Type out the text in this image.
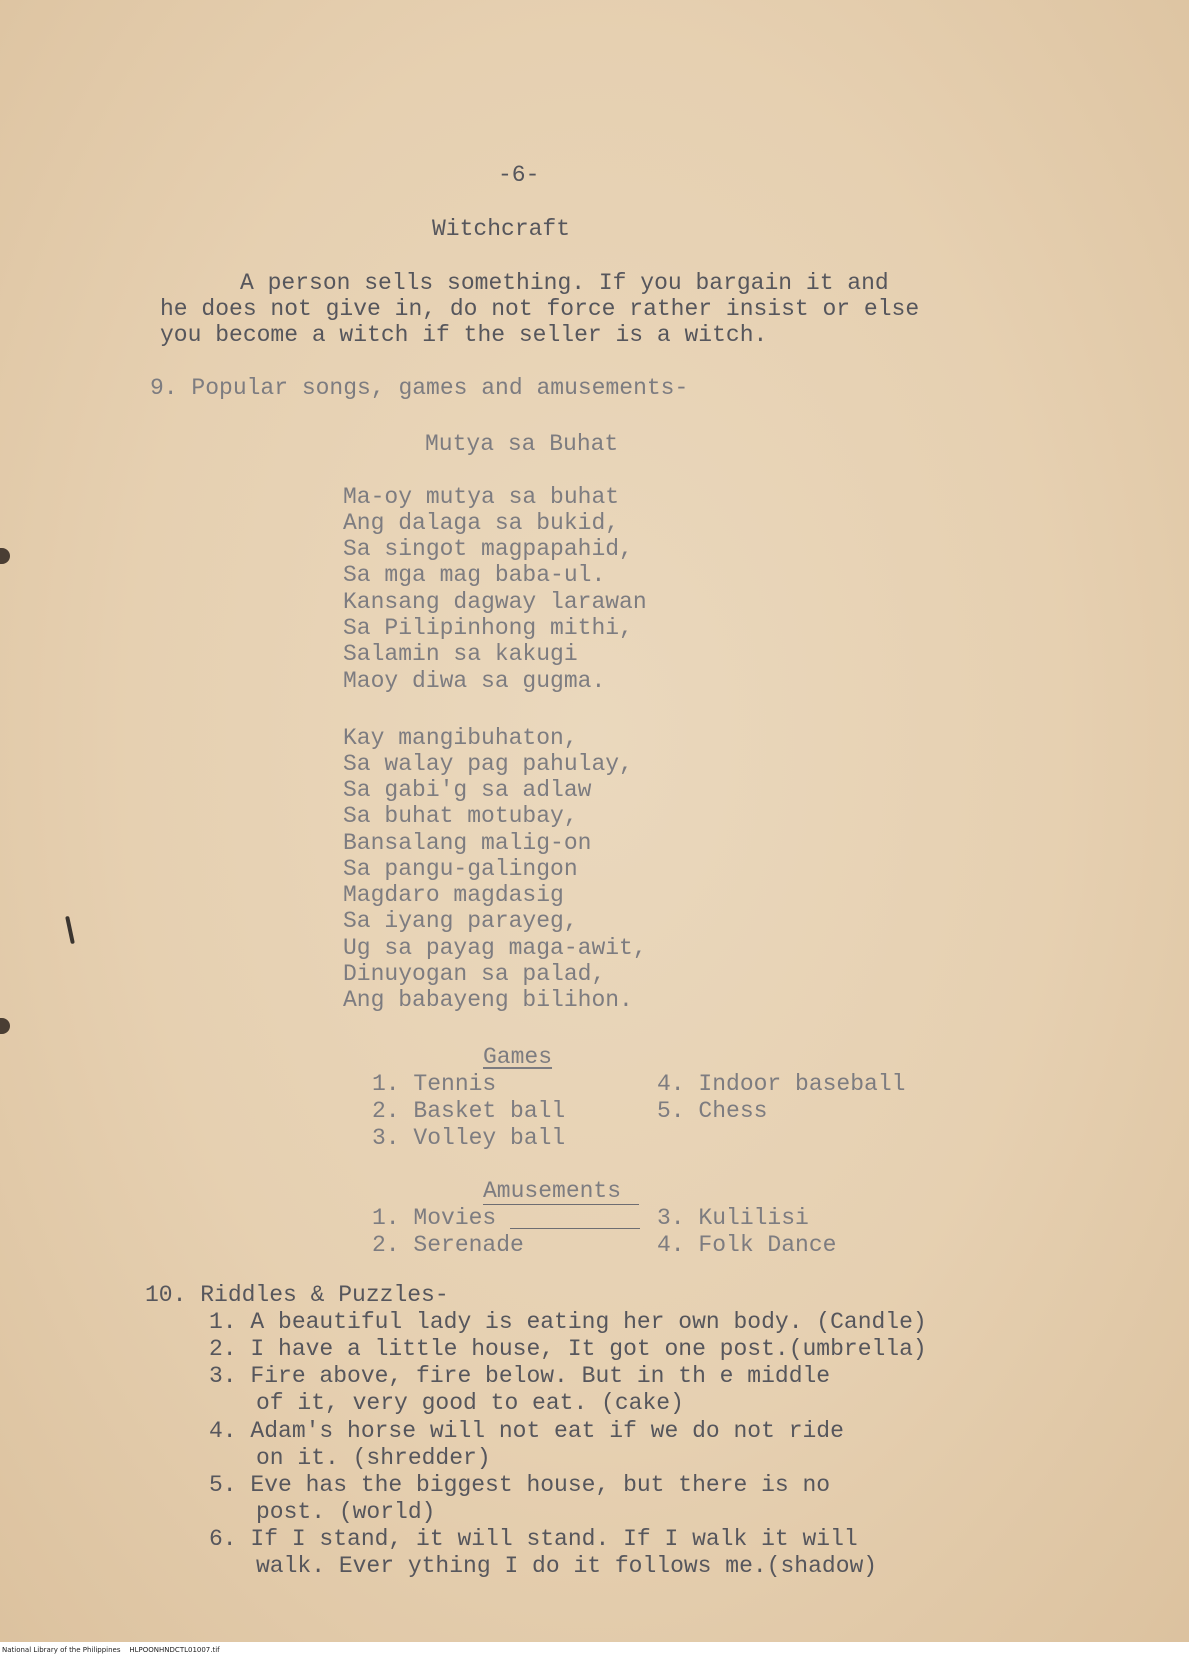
-6-
Witchcraft
A person sells something. If you bargain it and
he does not give in, do not force rather insist or else
you become a witch if the seller is a witch.
9. Popular songs, games and amusements-
Mutya sa Buhat
Ma-oy mutya sa buhat
Ang dalaga sa bukid,
Sa singot magpapahid,
Sa mga mag baba-ul.
Kansang dagway larawan
Sa Pilipinhong mithi,
Salamin sa kakugi
Maoy diwa sa gugma.
Kay mangibuhaton,
Sa walay pag pahulay,
Sa gabi'g sa adlaw
Sa buhat motubay,
Bansalang malig-on
Sa pangu-galingon
Magdaro magdasig
Sa iyang parayeg,
Ug sa payag maga-awit,
Dinuyogan sa palad,
Ang babayeng bilihon.
Games
1. Tennis
2. Basket ball
3. Volley ball
4. Indoor baseball
5. Chess
Amusements
1. Movies
2. Serenade
3. Kulilisi
4. Folk Dance
10. Riddles & Puzzles-
1. A beautiful lady is eating her own body. (Candle)
2. I have a little house, It got one post.(umbrella)
3. Fire above, fire below. But in th e middle
of it, very good to eat. (cake)
4. Adam's horse will not eat if we do not ride
on it. (shredder)
5. Eve has the biggest house, but there is no
post. (world)
6. If I stand, it will stand. If I walk it will
walk. Ever ything I do it follows me.(shadow)
National Library of the Philippines    HLPOONHNDCTL01007.tif
